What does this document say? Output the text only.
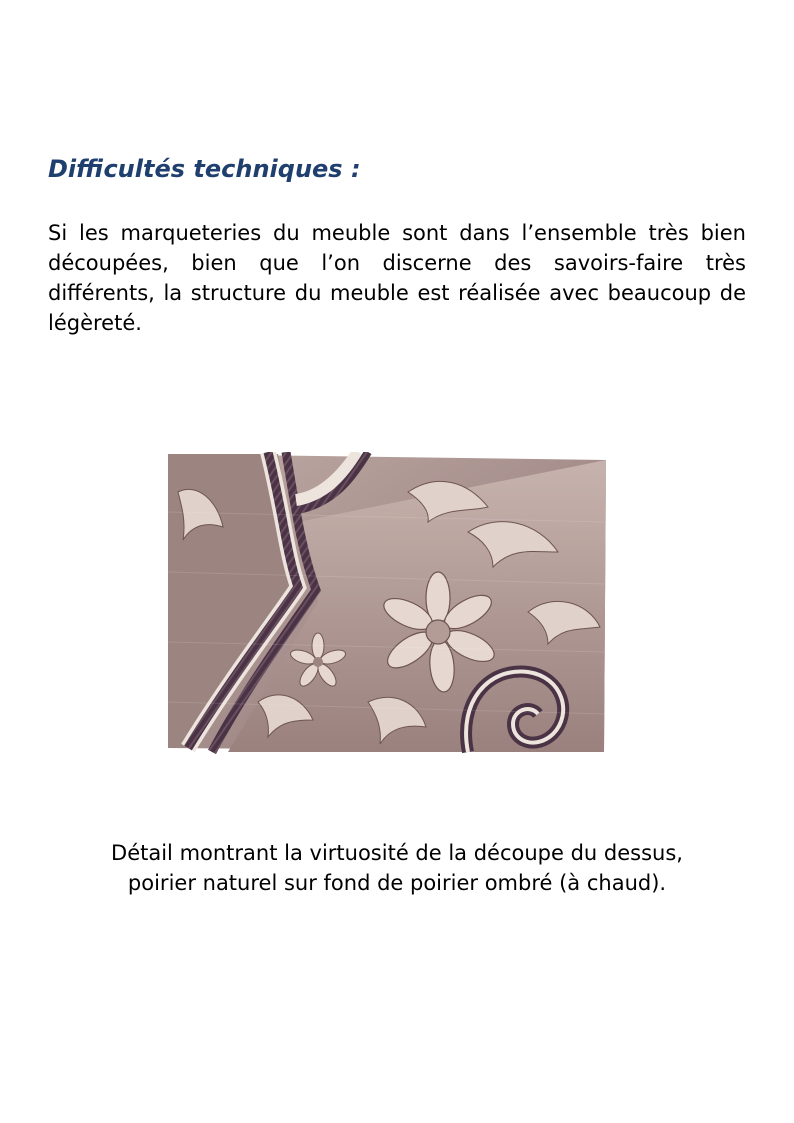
Difficultés techniques :

Si les marqueteries du meuble sont dans l’ensemble très bien découpées, bien que l’on discerne des savoirs-faire très différents, la structure du meuble est réalisée avec beaucoup de légèreté.

Détail montrant la virtuosité de la découpe du dessus,
poirier naturel sur fond de poirier ombré (à chaud).
